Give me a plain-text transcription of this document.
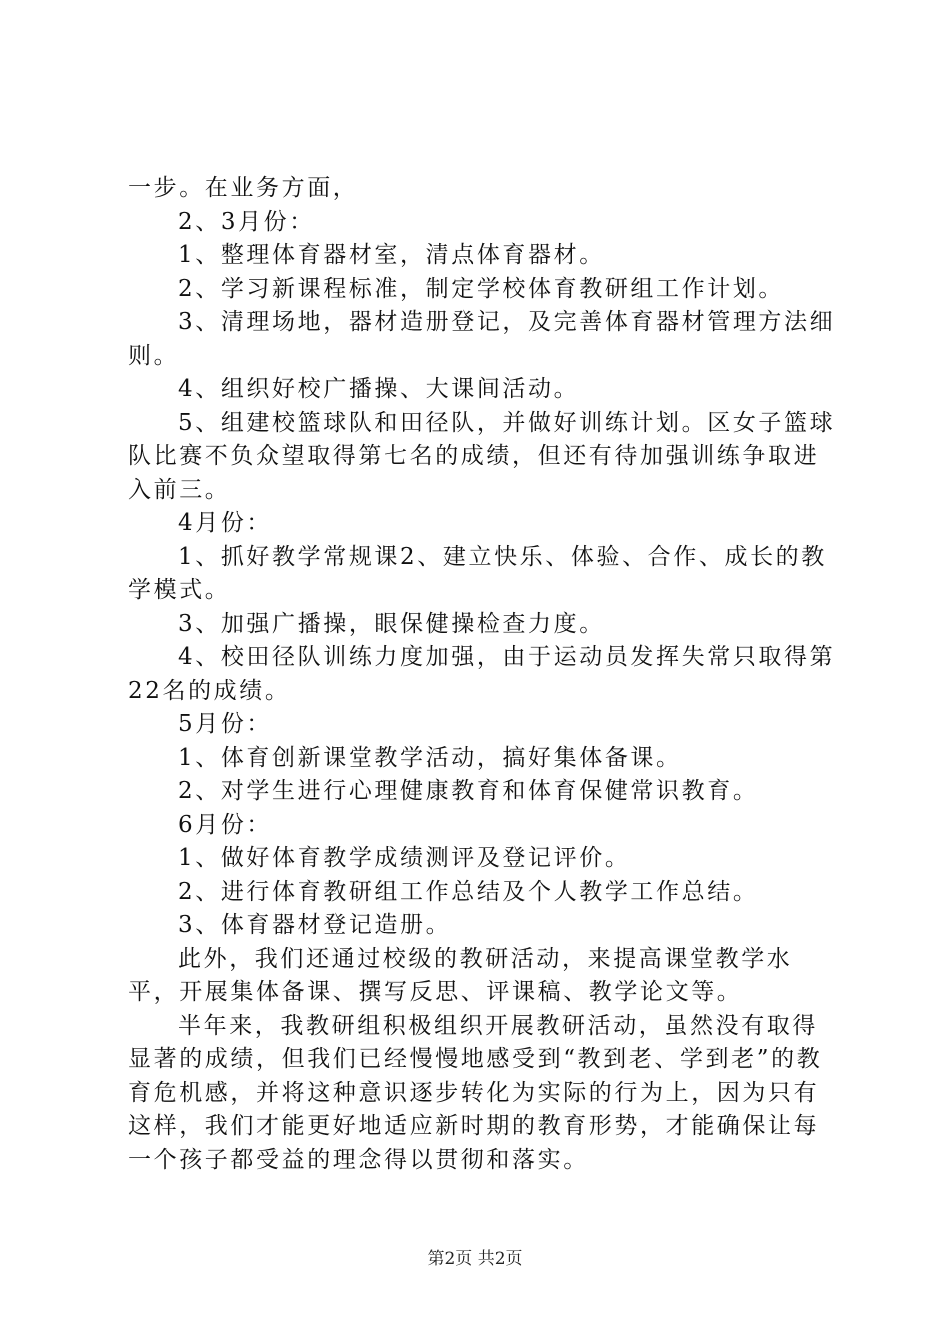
一步。在业务方面，

2、3月份：

1、整理体育器材室，清点体育器材。

2、学习新课程标准，制定学校体育教研组工作计划。

3、清理场地，器材造册登记，及完善体育器材管理方法细则。

4、组织好校广播操、大课间活动。

5、组建校篮球队和田径队，并做好训练计划。区女子篮球队比赛不负众望取得第七名的成绩，但还有待加强训练争取进入前三。

4月份：

1、抓好教学常规课2、建立快乐、体验、合作、成长的教学模式。

3、加强广播操，眼保健操检查力度。

4、校田径队训练力度加强，由于运动员发挥失常只取得第22名的成绩。

5月份：

1、体育创新课堂教学活动，搞好集体备课。

2、对学生进行心理健康教育和体育保健常识教育。

6月份：

1、做好体育教学成绩测评及登记评价。

2、进行体育教研组工作总结及个人教学工作总结。

3、体育器材登记造册。

此外，我们还通过校级的教研活动，来提高课堂教学水平，开展集体备课、撰写反思、评课稿、教学论文等。

半年来，我教研组积极组织开展教研活动，虽然没有取得显著的成绩，但我们已经慢慢地感受到“教到老、学到老”的教育危机感，并将这种意识逐步转化为实际的行为上，因为只有这样，我们才能更好地适应新时期的教育形势，才能确保让每一个孩子都受益的理念得以贯彻和落实。

第2页 共2页
